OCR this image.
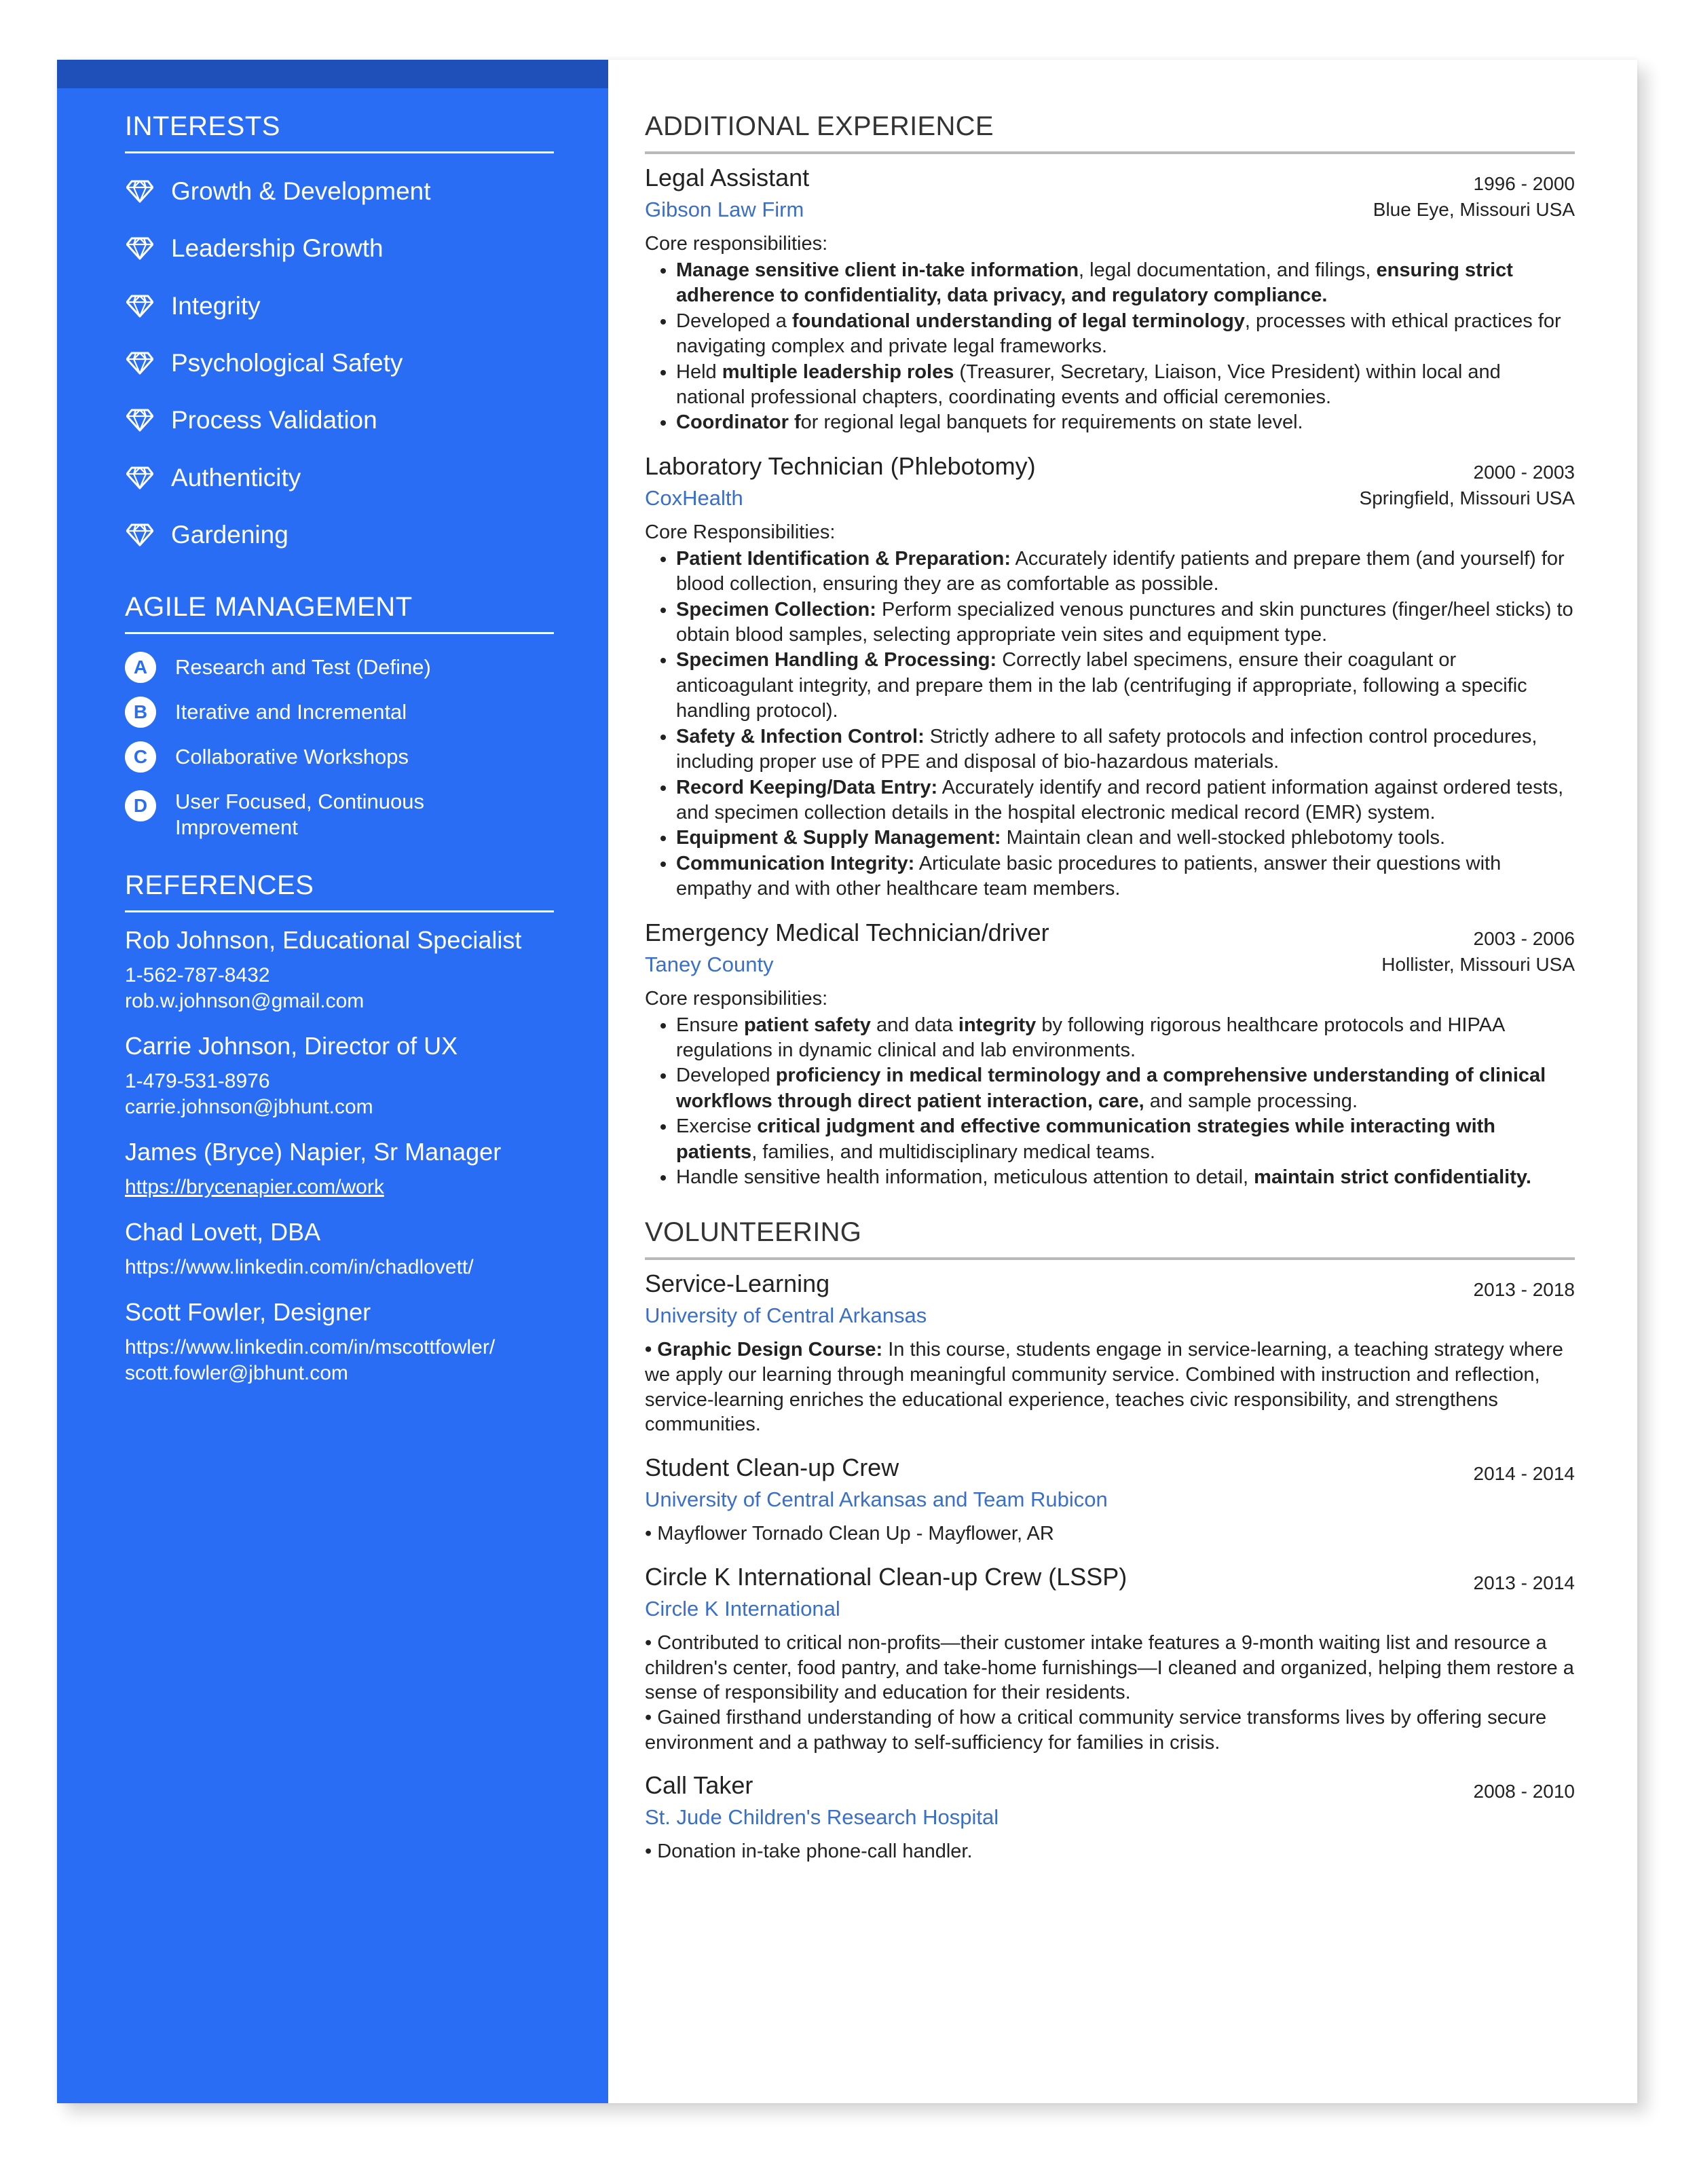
INTERESTS
Growth & Development
Leadership Growth
Integrity
Psychological Safety
Process Validation
Authenticity
Gardening
AGILE MANAGEMENT
A	Research and Test (Define)
B	Iterative and Incremental
C	Collaborative Workshops
D	User Focused, Continuous Improvement
REFERENCES
Rob Johnson, Educational Specialist
1-562-787-8432
rob.w.johnson@gmail.com
Carrie Johnson, Director of UX
1-479-531-8976
carrie.johnson@jbhunt.com
James (Bryce) Napier, Sr Manager
https://brycenapier.com/work
Chad Lovett, DBA
https://www.linkedin.com/in/chadlovett/
Scott Fowler, Designer
https://www.linkedin.com/in/mscottfowler/
scott.fowler@jbhunt.com
ADDITIONAL EXPERIENCE
Legal Assistant	1996 - 2000
Gibson Law Firm	Blue Eye, Missouri USA
Core responsibilities:
• Manage sensitive client in-take information, legal documentation, and filings, ensuring strict adherence to confidentiality, data privacy, and regulatory compliance.
• Developed a foundational understanding of legal terminology, processes with ethical practices for navigating complex and private legal frameworks.
• Held multiple leadership roles (Treasurer, Secretary, Liaison, Vice President) within local and national professional chapters, coordinating events and official ceremonies.
• Coordinator for regional legal banquets for requirements on state level.
Laboratory Technician (Phlebotomy)	2000 - 2003
CoxHealth	Springfield, Missouri USA
Core Responsibilities:
• Patient Identification & Preparation: Accurately identify patients and prepare them (and yourself) for blood collection, ensuring they are as comfortable as possible.
• Specimen Collection: Perform specialized venous punctures and skin punctures (finger/heel sticks) to obtain blood samples, selecting appropriate vein sites and equipment type.
• Specimen Handling & Processing: Correctly label specimens, ensure their coagulant or anticoagulant integrity, and prepare them in the lab (centrifuging if appropriate, following a specific handling protocol).
• Safety & Infection Control: Strictly adhere to all safety protocols and infection control procedures, including proper use of PPE and disposal of bio-hazardous materials.
• Record Keeping/Data Entry: Accurately identify and record patient information against ordered tests, and specimen collection details in the hospital electronic medical record (EMR) system.
• Equipment & Supply Management: Maintain clean and well-stocked phlebotomy tools.
• Communication Integrity: Articulate basic procedures to patients, answer their questions with empathy and with other healthcare team members.
Emergency Medical Technician/driver	2003 - 2006
Taney County	Hollister, Missouri USA
Core responsibilities:
• Ensure patient safety and data integrity by following rigorous healthcare protocols and HIPAA regulations in dynamic clinical and lab environments.
• Developed proficiency in medical terminology and a comprehensive understanding of clinical workflows through direct patient interaction, care, and sample processing.
• Exercise critical judgment and effective communication strategies while interacting with patients, families, and multidisciplinary medical teams.
• Handle sensitive health information, meticulous attention to detail, maintain strict confidentiality.
VOLUNTEERING
Service-Learning	2013 - 2018
University of Central Arkansas
• Graphic Design Course: In this course, students engage in service-learning, a teaching strategy where we apply our learning through meaningful community service. Combined with instruction and reflection, service-learning enriches the educational experience, teaches civic responsibility, and strengthens communities.
Student Clean-up Crew	2014 - 2014
University of Central Arkansas and Team Rubicon
• Mayflower Tornado Clean Up - Mayflower, AR
Circle K International Clean-up Crew (LSSP)	2013 - 2014
Circle K International
• Contributed to critical non-profits—their customer intake features a 9-month waiting list and resource a children's center, food pantry, and take-home furnishings—I cleaned and organized, helping them restore a sense of responsibility and education for their residents.
• Gained firsthand understanding of how a critical community service transforms lives by offering secure environment and a pathway to self-sufficiency for families in crisis.
Call Taker	2008 - 2010
St. Jude Children's Research Hospital
• Donation in-take phone-call handler.
